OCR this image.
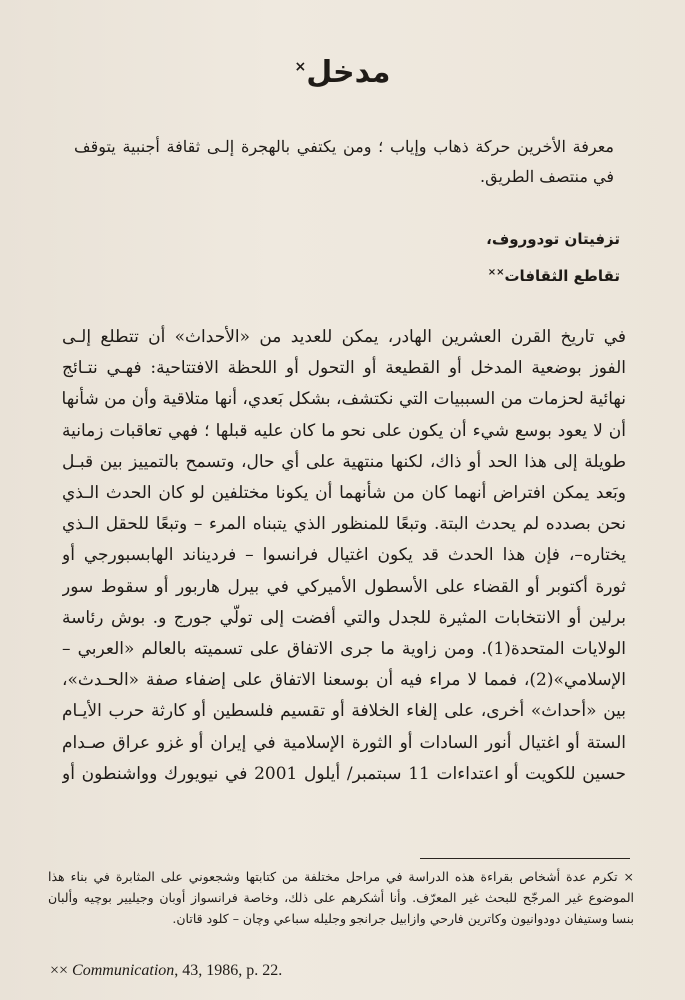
مدخل×
معرفة الأخرين حركة ذهاب وإياب ؛ ومن يكتفي بالهجرة إلـى ثقافة أجنبية يتوقف في منتصف الطريق.
تزفيتان تودوروف،
تقاطع الثقافات××
في تاريخ القرن العشرين الهادر، يمكن للعديد من «الأحداث» أن تتطلع إلـى
الفوز بوضعية المدخل أو القطيعة أو التحول أو اللحظة الافتتاحية: فهـي نتـائج
نهائية لحزمات من السببيات التي نكتشف، بشكل بَعدي، أنها متلاقية وأن من شأنها
أن لا يعود بوسع شيء أن يكون على نحو ما كان عليه قبلها ؛ فهي تعاقبات زمانية
طويلة إلى هذا الحد أو ذاك، لكنها منتهية على أي حال، وتسمح بالتمييز بين قبـل
وبَعد يمكن افتراض أنهما كان من شأنهما أن يكونا مختلفين لو كان الحدث الـذي
نحن بصدده لم يحدث البتة. وتبعًا للمنظور الذي يتبناه المرء – وتبعًا للحقل الـذي
يختاره–، فإن هذا الحدث قد يكون اغتيال فرانسوا – فرديناند الهابسبورجي أو
ثورة أكتوبر أو القضاء على الأسطول الأميركي في بيرل هاربور أو سقوط سور
برلين أو الانتخابات المثيرة للجدل والتي أفضت إلى تولّي جورج و. بوش رئاسة
الولايات المتحدة(1). ومن زاوية ما جرى الاتفاق على تسميته بالعالم «العربي –
الإسلامي»(2)، فمما لا مراء فيه أن بوسعنا الاتفاق على إضفاء صفة «الحـدث»،
بين «أحداث» أخرى، على إلغاء الخلافة أو تقسيم فلسطين أو كارثة حرب الأيـام
الستة أو اغتيال أنور السادات أو الثورة الإسلامية في إيران أو غزو عراق صـدام
حسين للكويت أو اعتداءات 11 سبتمبر/ أيلول 2001 في نيويورك وواشنطون أو
× تكرم عدة أشخاص بقراءة هذه الدراسة في مراحل مختلفة من كتابتها وشجعوني على المثابرة في بناء هذا الموضوع غير المرجّح للبحث غير المعرّف. وأنا أشكرهم على ذلك، وخاصة فرانسواز أوبان وجيليير بوچيه وألبان بنسا وستيفان دودوانيون وكاترين فارحي وازابيل جرانجو وجليله سباعي وچان – كلود قاتان.
×× Communication, 43, 1986, p. 22.
